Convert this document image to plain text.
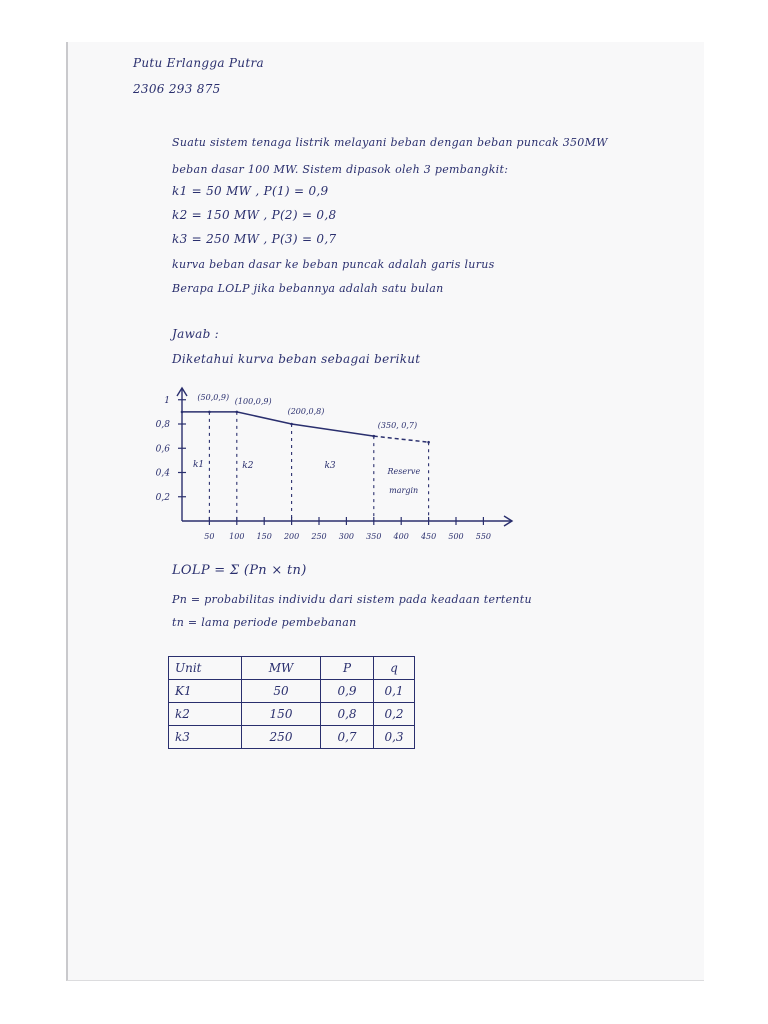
Putu Erlangga Putra
2306 293 875
Suatu sistem tenaga listrik melayani beban dengan beban puncak 350MW
beban dasar 100 MW. Sistem dipasok oleh 3 pembangkit:
k1 = 50 MW , P(1) = 0,9
k2 = 150 MW , P(2) = 0,8
k3 = 250 MW , P(3) = 0,7
kurva beban dasar ke beban puncak adalah garis lurus
Berapa LOLP jika bebannya adalah satu bulan
Jawab :
Diketahui kurva beban sebagai berikut
50 100 150 200 250 300 350 400 450 500 550
1
0,8
0,6
0,4
0,2
(50,0,9) (100,0,9)
(200,0,8)
(350, 0,7)
k1	k2	k3
Reserve
margin
LOLP = Σ (Pn × tn)
Pn = probabilitas individu dari sistem pada keadaan tertentu
tn = lama periode pembebanan
Unit	MW	P	q
K1	50	0,9	0,1
k2	150	0,8	0,2
k3	250	0,7	0,3
